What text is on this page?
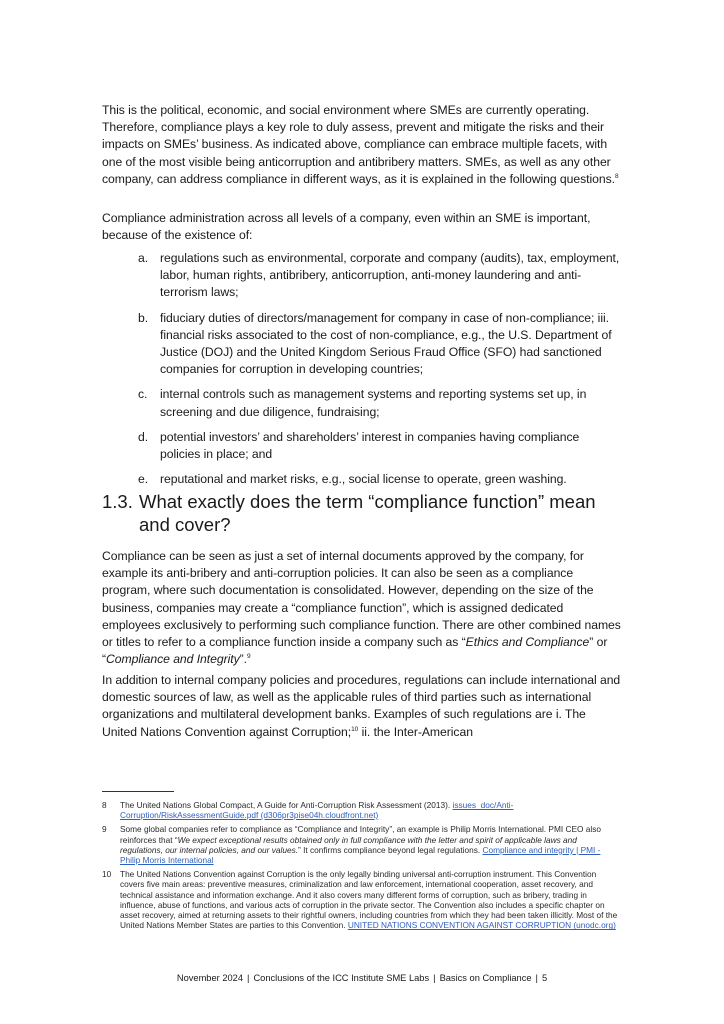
This is the political, economic, and social environment where SMEs are currently operating. Therefore, compliance plays a key role to duly assess, prevent and mitigate the risks and their impacts on SMEs’ business. As indicated above, compliance can embrace multiple facets, with one of the most visible being anticorruption and antibribery matters. SMEs, as well as any other company, can address compliance in different ways, as it is explained in the following questions.$^8$

Compliance administration across all levels of a company, even within an SME is important, because of the existence of:

a. regulations such as environmental, corporate and company (audits), tax, employment, labor, human rights, antibribery, anticorruption, anti-money laundering and anti-terrorism laws;
b. fiduciary duties of directors/management for company in case of non-compliance; iii. financial risks associated to the cost of non-compliance, e.g., the U.S. Department of Justice (DOJ) and the United Kingdom Serious Fraud Office (SFO) had sanctioned companies for corruption in developing countries;
c. internal controls such as management systems and reporting systems set up, in screening and due diligence, fundraising;
d. potential investors’ and shareholders’ interest in companies having compliance policies in place; and
e. reputational and market risks, e.g., social license to operate, green washing.
1.3. What exactly does the term “compliance function” mean and cover?

Compliance can be seen as just a set of internal documents approved by the company, for example its anti-bribery and anti-corruption policies. It can also be seen as a compliance program, where such documentation is consolidated. However, depending on the size of the business, companies may create a “compliance function”, which is assigned dedicated employees exclusively to performing such compliance function. There are other combined names or titles to refer to a compliance function inside a company such as “Ethics and Compliance” or “Compliance and Integrity”.$^9$

In addition to internal company policies and procedures, regulations can include international and domestic sources of law, as well as the applicable rules of third parties such as international organizations and multilateral development banks. Examples of such regulations are i. The United Nations Convention against Corruption;$^{10}$ ii. the Inter-American

8 The United Nations Global Compact, A Guide for Anti-Corruption Risk Assessment (2013). issues_doc/Anti-Corruption/RiskAssessmentGuide.pdf (d306pr3pise04h.cloudfront.net)
9 Some global companies refer to compliance as “Compliance and Integrity”, an example is Philip Morris International. PMI CEO also reinforces that “We expect exceptional results obtained only in full compliance with the letter and spirit of applicable laws and regulations, our internal policies, and our values.” It confirms compliance beyond legal regulations. Compliance and integrity | PMI - Philip Morris International
10 The United Nations Convention against Corruption is the only legally binding universal anti-corruption instrument. This Convention covers five main areas: preventive measures, criminalization and law enforcement, international cooperation, asset recovery, and technical assistance and information exchange. And it also covers many different forms of corruption, such as bribery, trading in influence, abuse of functions, and various acts of corruption in the private sector. The Convention also includes a specific chapter on asset recovery, aimed at returning assets to their rightful owners, including countries from which they had been taken illicitly. Most of the United Nations Member States are parties to this Convention. UNITED NATIONS CONVENTION AGAINST CORRUPTION (unodc.org)
November 2024 | Conclusions of the ICC Institute SME Labs | Basics on Compliance | 5
